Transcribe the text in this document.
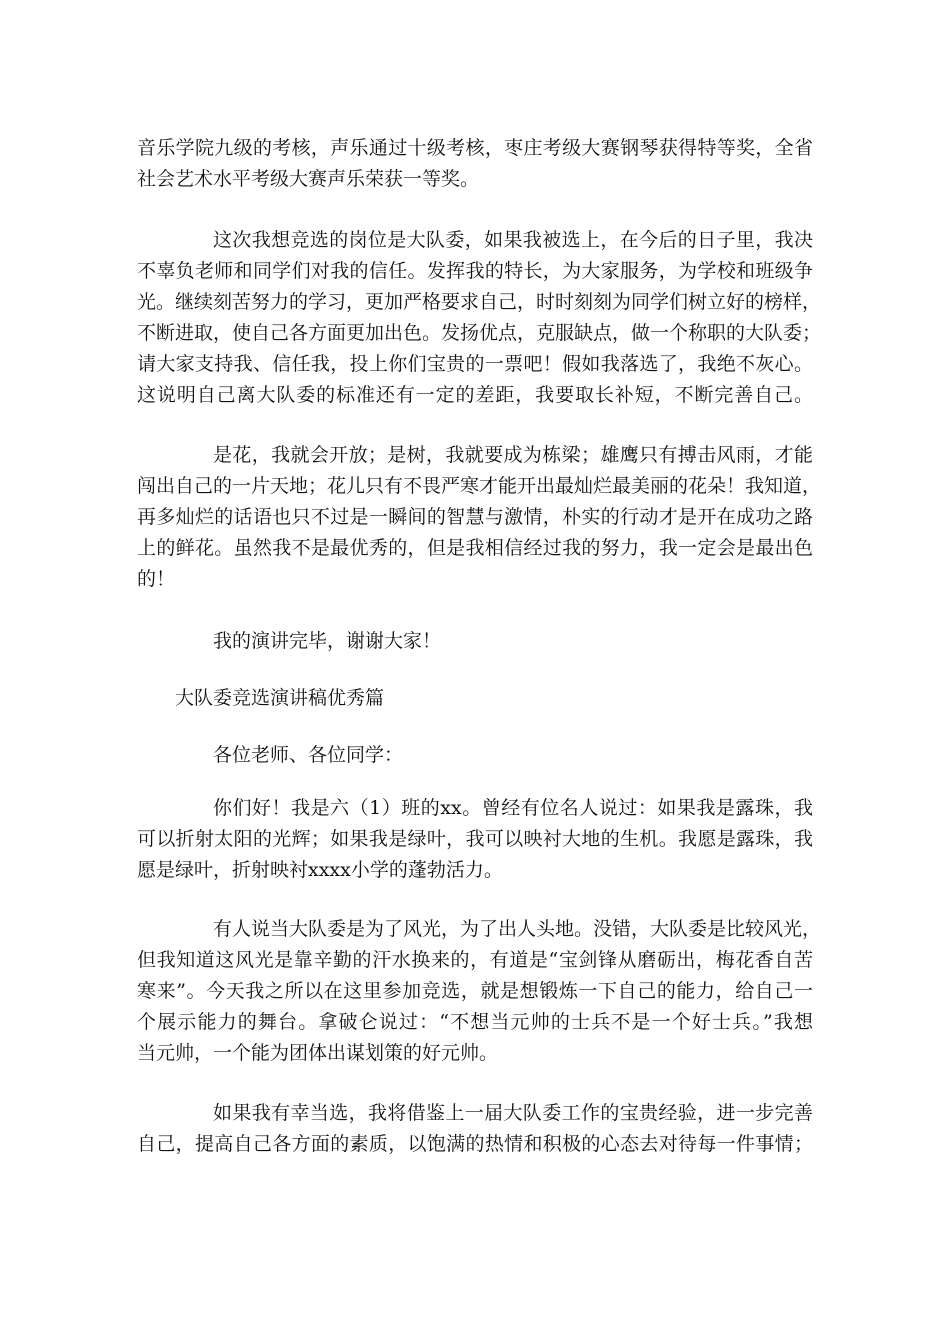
音乐学院九级的考核，声乐通过十级考核，枣庄考级大赛钢琴获得特等奖，全省
社会艺术水平考级大赛声乐荣获一等奖。
这次我想竞选的岗位是大队委，如果我被选上，在今后的日子里，我决
不辜负老师和同学们对我的信任。发挥我的特长，为大家服务，为学校和班级争
光。继续刻苦努力的学习，更加严格要求自己，时时刻刻为同学们树立好的榜样，
不断进取，使自己各方面更加出色。发扬优点，克服缺点，做一个称职的大队委；
请大家支持我、信任我，投上你们宝贵的一票吧！假如我落选了，我绝不灰心。
这说明自己离大队委的标准还有一定的差距，我要取长补短，不断完善自己。
是花，我就会开放；是树，我就要成为栋梁；雄鹰只有搏击风雨，才能
闯出自己的一片天地；花儿只有不畏严寒才能开出最灿烂最美丽的花朵！我知道，
再多灿烂的话语也只不过是一瞬间的智慧与激情，朴实的行动才是开在成功之路
上的鲜花。虽然我不是最优秀的，但是我相信经过我的努力，我一定会是最出色
的！
我的演讲完毕，谢谢大家！
大队委竞选演讲稿优秀篇
各位老师、各位同学：
你们好！我是六（1）班的xx。曾经有位名人说过：如果我是露珠，我
可以折射太阳的光辉；如果我是绿叶，我可以映衬大地的生机。我愿是露珠，我
愿是绿叶，折射映衬xxxx小学的蓬勃活力。
有人说当大队委是为了风光，为了出人头地。没错，大队委是比较风光，
但我知道这风光是靠辛勤的汗水换来的，有道是“宝剑锋从磨砺出，梅花香自苦
寒来”。今天我之所以在这里参加竞选，就是想锻炼一下自己的能力，给自己一
个展示能力的舞台。拿破仑说过：“不想当元帅的士兵不是一个好士兵。”我想
当元帅，一个能为团体出谋划策的好元帅。
如果我有幸当选，我将借鉴上一届大队委工作的宝贵经验，进一步完善
自己，提高自己各方面的素质，以饱满的热情和积极的心态去对待每一件事情；
